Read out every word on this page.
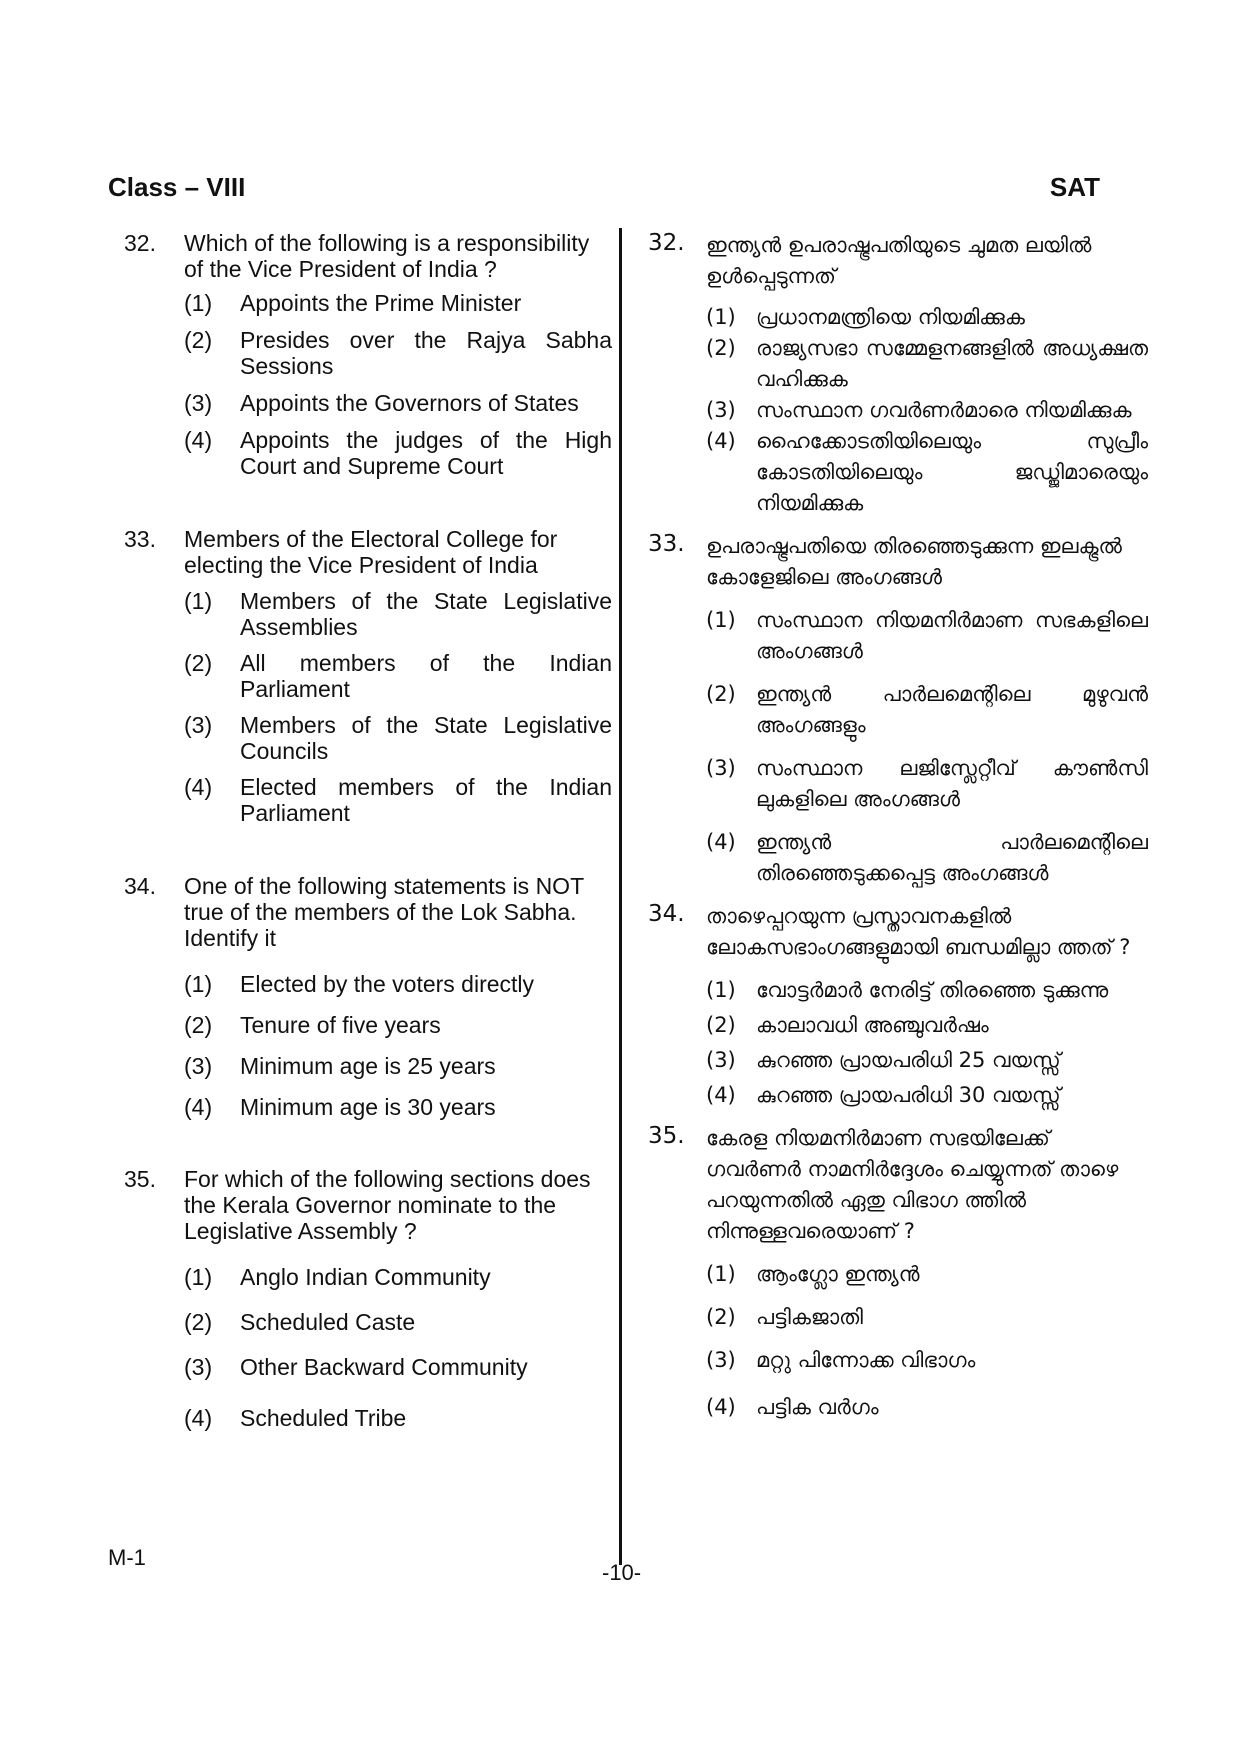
Class – VIII	SAT
32. Which of the following is a responsibility of the Vice President of India ?
(1) Appoints the Prime Minister
(2) Presides over the Rajya Sabha Sessions
(3) Appoints the Governors of States
(4) Appoints the judges of the High Court and Supreme Court
33. Members of the Electoral College for electing the Vice President of India
(1) Members of the State Legislative Assemblies
(2) All members of the Indian Parliament
(3) Members of the State Legislative Councils
(4) Elected members of the Indian Parliament
34. One of the following statements is NOT true of the members of the Lok Sabha. Identify it
(1) Elected by the voters directly
(2) Tenure of five years
(3) Minimum age is 25 years
(4) Minimum age is 30 years
35. For which of the following sections does the Kerala Governor nominate to the Legislative Assembly ?
(1) Anglo Indian Community
(2) Scheduled Caste
(3) Other Backward Community
(4) Scheduled Tribe
32. ഇന്ത്യൻ ഉപരാഷ്ട്രപതിയുടെ ചുമത ലയിൽ ഉൾപ്പെടുന്നത്
(1) പ്രധാനമന്ത്രിയെ നിയമിക്കുക
(2) രാജ്യസഭാ സമ്മേളനങ്ങളിൽ അധ്യക്ഷത വഹിക്കുക
(3) സംസ്ഥാന ഗവർണർമാരെ നിയമിക്കുക
(4) ഹൈക്കോടതിയിലെയും സുപ്രീം കോടതിയിലെയും ജഡ്ജിമാരെയും നിയമിക്കുക
33. ഉപരാഷ്ട്രപതിയെ തിരഞ്ഞെടുക്കുന്ന ഇലക്ട്രൽ കോളേജിലെ അംഗങ്ങൾ
(1) സംസ്ഥാന നിയമനിർമാണ സഭകളിലെ അംഗങ്ങൾ
(2) ഇന്ത്യൻ പാർലമെന്റിലെ മുഴുവൻ അംഗങ്ങളും
(3) സംസ്ഥാന ലജിസ്ലേറ്റീവ് കൗൺസി ലുകളിലെ അംഗങ്ങൾ
(4) ഇന്ത്യൻ പാർലമെന്റിലെ തിരഞ്ഞെടുക്കപ്പെട്ട അംഗങ്ങൾ
34. താഴെപ്പറയുന്ന പ്രസ്താവനകളിൽ ലോകസഭാംഗങ്ങളുമായി ബന്ധമില്ലാ ത്തത് ?
(1) വോട്ടർമാർ നേരിട്ട് തിരഞ്ഞെ ടുക്കുന്നു
(2) കാലാവധി അഞ്ചുവർഷം
(3) കുറഞ്ഞ പ്രായപരിധി 25 വയസ്സ്
(4) കുറഞ്ഞ പ്രായപരിധി 30 വയസ്സ്
35. കേരള നിയമനിർമാണ സഭയിലേക്ക് ഗവർണർ നാമനിർദ്ദേശം ചെയ്യുന്നത് താഴെ പറയുന്നതിൽ ഏതു വിഭാഗ ത്തിൽ നിന്നുള്ളവരെയാണ് ?
(1) ആംഗ്ലോ ഇന്ത്യൻ
(2) പട്ടികജാതി
(3) മറ്റു പിന്നോക്ക വിഭാഗം
(4) പട്ടിക വർഗം
M-1
-10-
